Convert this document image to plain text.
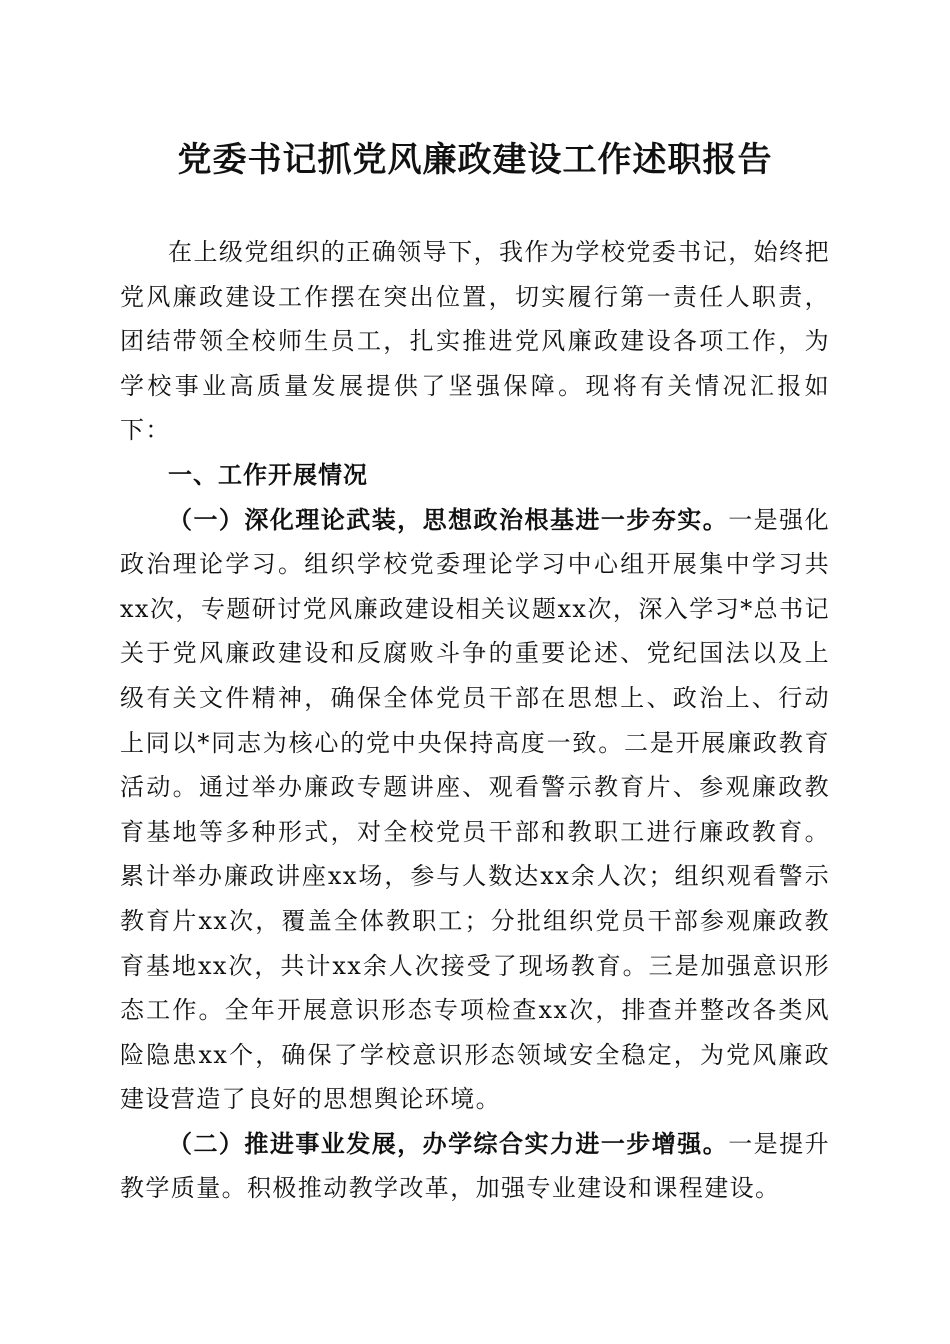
党委书记抓党风廉政建设工作述职报告

在上级党组织的正确领导下，我作为学校党委书记，始终把党风廉政建设工作摆在突出位置，切实履行第一责任人职责，团结带领全校师生员工，扎实推进党风廉政建设各项工作，为学校事业高质量发展提供了坚强保障。现将有关情况汇报如下：

一、工作开展情况

（一）深化理论武装，思想政治根基进一步夯实。一是强化政治理论学习。组织学校党委理论学习中心组开展集中学习共xx次，专题研讨党风廉政建设相关议题xx次，深入学习*总书记关于党风廉政建设和反腐败斗争的重要论述、党纪国法以及上级有关文件精神，确保全体党员干部在思想上、政治上、行动上同以*同志为核心的党中央保持高度一致。二是开展廉政教育活动。通过举办廉政专题讲座、观看警示教育片、参观廉政教育基地等多种形式，对全校党员干部和教职工进行廉政教育。累计举办廉政讲座xx场，参与人数达xx余人次；组织观看警示教育片xx次，覆盖全体教职工；分批组织党员干部参观廉政教育基地xx次，共计xx余人次接受了现场教育。三是加强意识形态工作。全年开展意识形态专项检查xx次，排查并整改各类风险隐患xx个，确保了学校意识形态领域安全稳定，为党风廉政建设营造了良好的思想舆论环境。

（二）推进事业发展，办学综合实力进一步增强。一是提升教学质量。积极推动教学改革，加强专业建设和课程建设。
